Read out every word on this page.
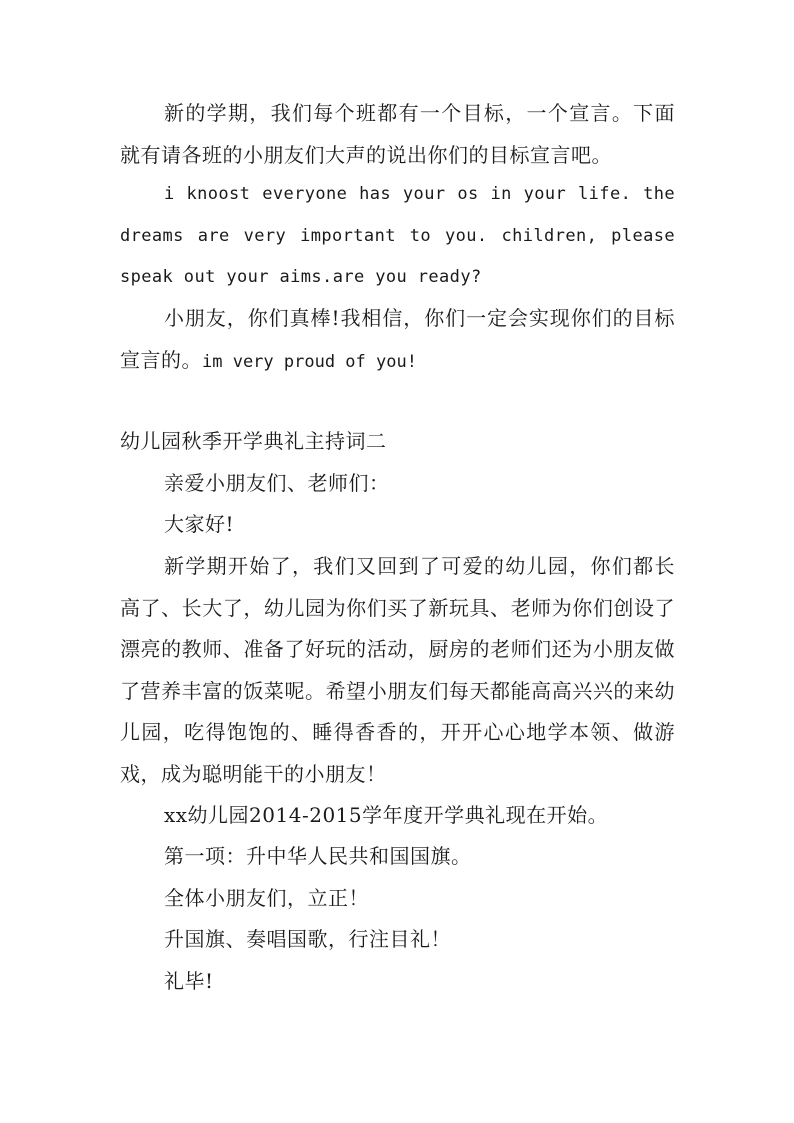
新的学期，我们每个班都有一个目标，一个宣言。下面就有请各班的小朋友们大声的说出你们的目标宣言吧。

i knoost everyone has your os in your life. the dreams are very important to you. children, please speak out your aims.are you ready?

小朋友，你们真棒!我相信，你们一定会实现你们的目标宣言的。im very proud of you!

幼儿园秋季开学典礼主持词二

亲爱小朋友们、老师们：

大家好!

新学期开始了，我们又回到了可爱的幼儿园，你们都长高了、长大了，幼儿园为你们买了新玩具、老师为你们创设了漂亮的教师、准备了好玩的活动，厨房的老师们还为小朋友做了营养丰富的饭菜呢。希望小朋友们每天都能高高兴兴的来幼儿园，吃得饱饱的、睡得香香的，开开心心地学本领、做游戏，成为聪明能干的小朋友！

xx幼儿园2014-2015学年度开学典礼现在开始。

第一项：升中华人民共和国国旗。

全体小朋友们，立正！

升国旗、奏唱国歌，行注目礼！

礼毕!
